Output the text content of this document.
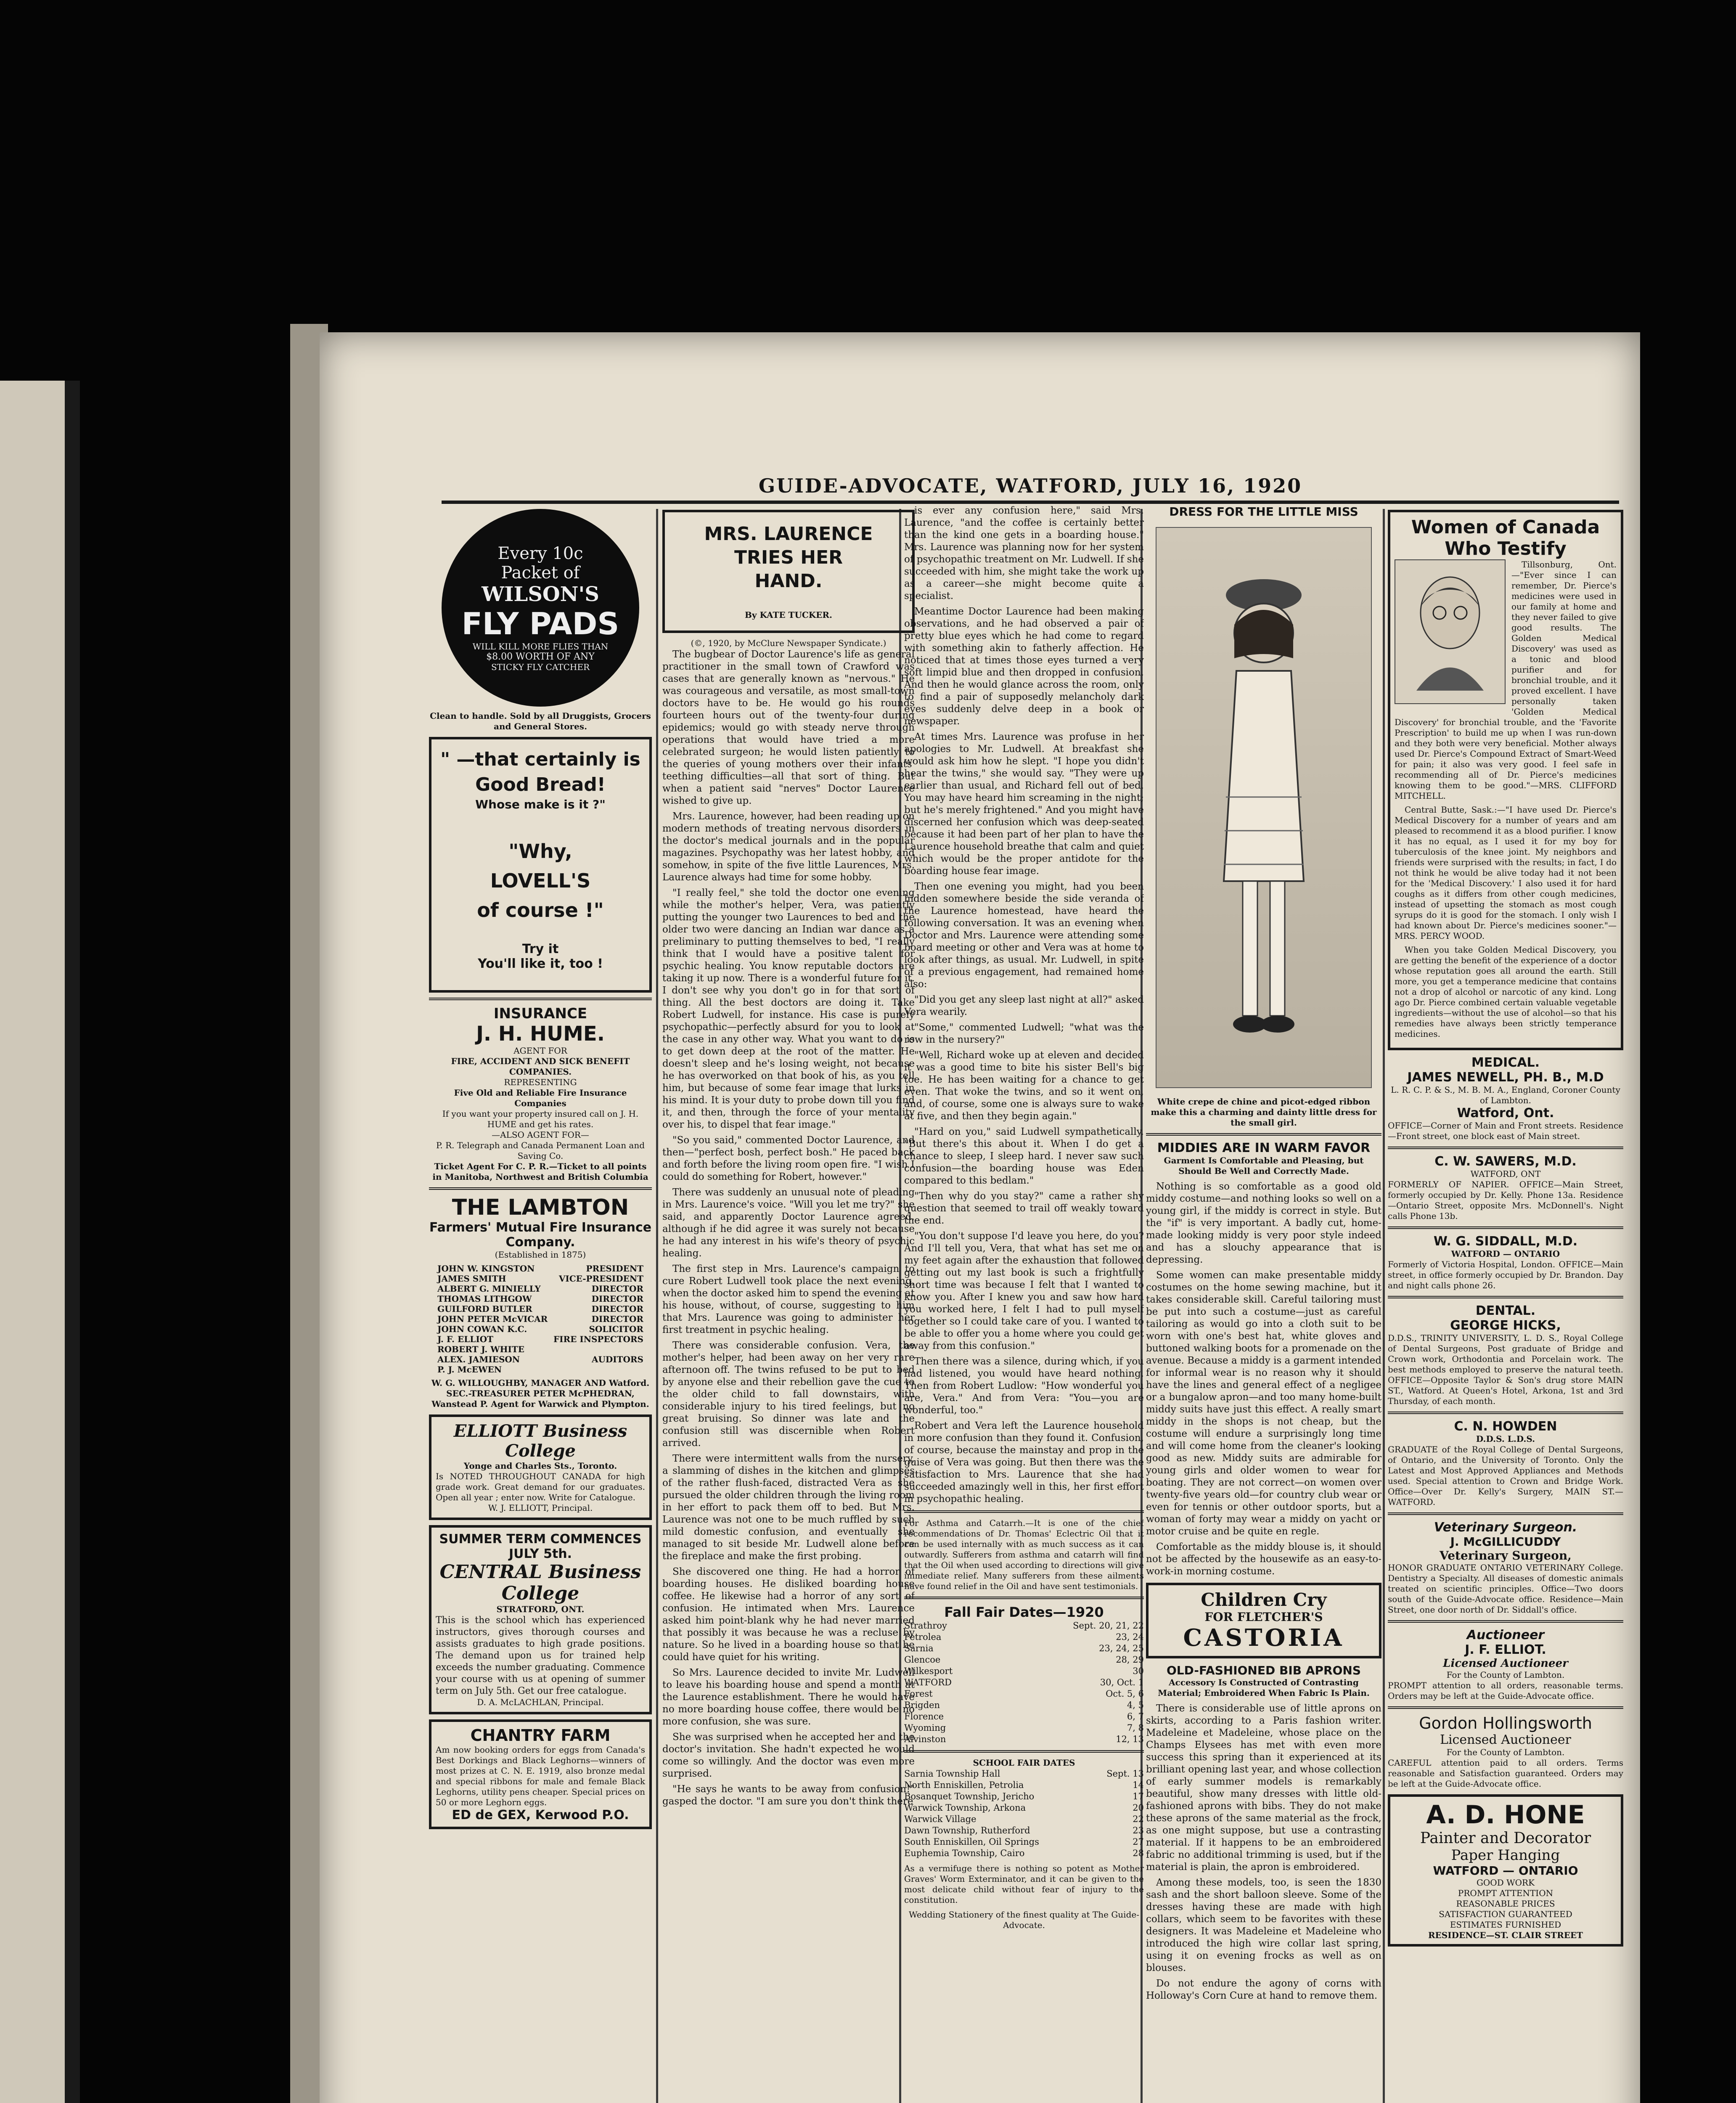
GUIDE-ADVOCATE, WATFORD, JULY 16, 1920
Every 10c
Packet of
WILSON'S
FLY PADS
WILL KILL MORE FLIES THAN
$8.00 WORTH OF ANY
STICKY FLY CATCHER
Clean to handle. Sold by all Druggists, Grocers and General Stores.
" —that certainly is Good Bread!
Whose make is it ?"
"Why,
LOVELL'S
of course !"
Try it
You'll like it, too !
INSURANCE
J. H. HUME.
AGENT FOR
FIRE, ACCIDENT AND SICK BENEFIT COMPANIES.
REPRESENTING
Five Old and Reliable Fire Insurance Companies
If you want your property insured call on J. H. HUME and get his rates.
—ALSO AGENT FOR—
P. R. Telegraph and Canada Permanent Loan and Saving Co.
Ticket Agent For C. P. R.—Ticket to all points in Manitoba, Northwest and British Columbia
THE LAMBTON
Farmers' Mutual Fire Insurance Company.
(Established in 1875)
JOHN W. KINGSTON	PRESIDENT
JAMES SMITH	VICE-PRESIDENT
ALBERT G. MINIELLY	DIRECTOR
THOMAS LITHGOW	DIRECTOR
GUILFORD BUTLER	DIRECTOR
JOHN PETER McVICAR	DIRECTOR
JOHN COWAN K.C.	SOLICITOR
J. F. ELLIOT	FIRE INSPECTORS
ROBERT J. WHITE
ALEX. JAMIESON	AUDITORS
P. J. McEWEN
W. G. WILLOUGHBY, MANAGER AND Watford. SEC.-TREASURER PETER McPHEDRAN, Wanstead P. Agent for Warwick and Plympton.
ELLIOTT Business College
Yonge and Charles Sts., Toronto.
Is NOTED THROUGHOUT CANADA for high grade work. Great demand for our graduates. Open all year ; enter now. Write for Catalogue.
W. J. ELLIOTT, Principal.
SUMMER TERM COMMENCES
JULY 5th.
CENTRAL Business College
STRATFORD, ONT.
This is the school which has experienced instructors, gives thorough courses and assists graduates to high grade positions. The demand upon us for trained help exceeds the number graduating. Commence your course with us at opening of summer term on July 5th. Get our free catalogue.
D. A. McLACHLAN, Principal.
CHANTRY FARM
Am now booking orders for eggs from Canada's Best Dorkings and Black Leghorns—winners of most prizes at C. N. E. 1919, also bronze medal and special ribbons for male and female Black Leghorns, utility pens cheaper. Special prices on 50 or more Leghorn eggs.
ED de GEX, Kerwood P.O.
MRS. LAURENCE
TRIES HER
HAND.
By KATE TUCKER.
(©, 1920, by McClure Newspaper Syndicate.)

The bugbear of Doctor Laurence's life as general practitioner in the small town of Crawford was cases that are generally known as "nervous." He was courageous and versatile, as most small-town doctors have to be. He would go his rounds fourteen hours out of the twenty-four during epidemics; would go with steady nerve through operations that would have tried a more celebrated surgeon; he would listen patiently to the queries of young mothers over their infants' teething difficulties—all that sort of thing. But when a patient said "nerves" Doctor Laurence wished to give up.

Mrs. Laurence, however, had been reading up on modern methods of treating nervous disorders in the doctor's medical journals and in the popular magazines. Psychopathy was her latest hobby, and somehow, in spite of the five little Laurences, Mrs. Laurence always had time for some hobby.

"I really feel," she told the doctor one evening while the mother's helper, Vera, was patiently putting the younger two Laurences to bed and the older two were dancing an Indian war dance as a preliminary to putting themselves to bed, "I really think that I would have a positive talent for psychic healing. You know reputable doctors are taking it up now. There is a wonderful future for it. I don't see why you don't go in for that sort of thing. All the best doctors are doing it. Take Robert Ludwell, for instance. His case is purely psychopathic—perfectly absurd for you to look at the case in any other way. What you want to do is to get down deep at the root of the matter. He doesn't sleep and he's losing weight, not because he has overworked on that book of his, as you tell him, but because of some fear image that lurks in his mind. It is your duty to probe down till you find it, and then, through the force of your mentality over his, to dispel that fear image."

"So you said," commented Doctor Laurence, and then—"perfect bosh, perfect bosh." He paced back and forth before the living room open fire. "I wish I could do something for Robert, however."

There was suddenly an unusual note of pleading in Mrs. Laurence's voice. "Will you let me try?" she said, and apparently Doctor Laurence agreed, although if he did agree it was surely not because he had any interest in his wife's theory of psychic healing.

The first step in Mrs. Laurence's campaign to cure Robert Ludwell took place the next evening, when the doctor asked him to spend the evening at his house, without, of course, suggesting to him that Mrs. Laurence was going to administer her first treatment in psychic healing.

There was considerable confusion. Vera, the mother's helper, had been away on her very rare afternoon off. The twins refused to be put to bed by anyone else and their rebellion gave the cue to the older child to fall downstairs, with considerable injury to his tired feelings, but no great bruising. So dinner was late and the confusion still was discernible when Robert arrived.

There were intermittent walls from the nursery, a slamming of dishes in the kitchen and glimpses of the rather flush-faced, distracted Vera as she pursued the older children through the living room in her effort to pack them off to bed. But Mrs. Laurence was not one to be much ruffled by such mild domestic confusion, and eventually she managed to sit beside Mr. Ludwell alone before the fireplace and make the first probing.

She discovered one thing. He had a horror of boarding houses. He disliked boarding house coffee. He likewise had a horror of any sort of confusion. He intimated when Mrs. Laurence asked him point-blank why he had never married that possibly it was because he was a recluse by nature. So he lived in a boarding house so that he could have quiet for his writing.

So Mrs. Laurence decided to invite Mr. Ludwell to leave his boarding house and spend a month at the Laurence establishment. There he would have no more boarding house coffee, there would be no more confusion, she was sure.

She was surprised when he accepted her and the doctor's invitation. She hadn't expected he would come so willingly. And the doctor was even more surprised.

"He says he wants to be away from confusion!" gasped the doctor. "I am sure you don't think there

is ever any confusion here," said Mrs. Laurence, "and the coffee is certainly better than the kind one gets in a boarding house." Mrs. Laurence was planning now for her system of psychopathic treatment on Mr. Ludwell. If she succeeded with him, she might take the work up as a career—she might become quite a specialist.

Meantime Doctor Laurence had been making observations, and he had observed a pair of pretty blue eyes which he had come to regard with something akin to fatherly affection. He noticed that at times those eyes turned a very soft limpid blue and then dropped in confusion. And then he would glance across the room, only to find a pair of supposedly melancholy dark eyes suddenly delve deep in a book or newspaper.

At times Mrs. Laurence was profuse in her apologies to Mr. Ludwell. At breakfast she would ask him how he slept. "I hope you didn't hear the twins," she would say. "They were up earlier than usual, and Richard fell out of bed. You may have heard him screaming in the night; but he's merely frightened." And you might have discerned her confusion which was deep-seated because it had been part of her plan to have the Laurence household breathe that calm and quiet which would be the proper antidote for the boarding house fear image.

Then one evening you might, had you been hidden somewhere beside the side veranda of the Laurence homestead, have heard the following conversation. It was an evening when Doctor and Mrs. Laurence were attending some board meeting or other and Vera was at home to look after things, as usual. Mr. Ludwell, in spite of a previous engagement, had remained home also:

"Did you get any sleep last night at all?" asked Vera wearily.

"Some," commented Ludwell; "what was the row in the nursery?"

"Well, Richard woke up at eleven and decided it was a good time to bite his sister Bell's big toe. He has been waiting for a chance to get even. That woke the twins, and so it went on, and, of course, some one is always sure to wake at five, and then they begin again."

"Hard on you," said Ludwell sympathetically. "But there's this about it. When I do get a chance to sleep, I sleep hard. I never saw such confusion—the boarding house was Eden compared to this bedlam."

"Then why do you stay?" came a rather shy question that seemed to trail off weakly toward the end.

"You don't suppose I'd leave you here, do you? And I'll tell you, Vera, that what has set me on my feet again after the exhaustion that followed getting out my last book is such a frightfully short time was because I felt that I wanted to know you. After I knew you and saw how hard you worked here, I felt I had to pull myself together so I could take care of you. I wanted to be able to offer you a home where you could get away from this confusion."

Then there was a silence, during which, if you had listened, you would have heard nothing. Then from Robert Ludlow: "How wonderful you are, Vera." And from Vera: "You—you are wonderful, too."

Robert and Vera left the Laurence household in more confusion than they found it. Confusion, of course, because the mainstay and prop in the guise of Vera was going. But then there was the satisfaction to Mrs. Laurence that she had succeeded amazingly well in this, her first effort in psychopathic healing.

For Asthma and Catarrh.—It is one of the chief recommendations of Dr. Thomas' Eclectric Oil that it can be used internally with as much success as it can outwardly. Sufferers from asthma and catarrh will find that the Oil when used according to directions will give immediate relief. Many sufferers from these ailments have found relief in the Oil and have sent testimonials.
Fall Fair Dates—1920
Strathroy	Sept. 20, 21, 22
Petrolea	23, 24
Sarnia	23, 24, 25
Glencoe	28, 29
Wilkesport	30
WATFORD	30, Oct. 1
Forest	Oct. 5, 6
Brigden	4, 5
Florence	6, 7
Wyoming	7, 8
Alvinston	12, 13
SCHOOL FAIR DATES
Sarnia Township Hall	Sept. 13
North Enniskillen, Petrolia	14
Bosanquet Township, Jericho	17
Warwick Township, Arkona	20
Warwick Village	22
Dawn Township, Rutherford	23
South Enniskillen, Oil Springs	27
Euphemia Township, Cairo	28
As a vermifuge there is nothing so potent as Mother Graves' Worm Exterminator, and it can be given to the most delicate child without fear of injury to the constitution.
Wedding Stationery of the finest quality at The Guide-Advocate.
DRESS FOR THE LITTLE MISS
White crepe de chine and picot-edged ribbon make this a charming and dainty little dress for the small girl.
MIDDIES ARE IN WARM FAVOR
Garment Is Comfortable and Pleasing, but Should Be Well and Correctly Made.

Nothing is so comfortable as a good old middy costume—and nothing looks so well on a young girl, if the middy is correct in style. But the "if" is very important. A badly cut, home-made looking middy is very poor style indeed and has a slouchy appearance that is depressing.

Some women can make presentable middy costumes on the home sewing machine, but it takes considerable skill. Careful tailoring must be put into such a costume—just as careful tailoring as would go into a cloth suit to be worn with one's best hat, white gloves and buttoned walking boots for a promenade on the avenue. Because a middy is a garment intended for informal wear is no reason why it should have the lines and general effect of a negligee or a bungalow apron—and too many home-built middy suits have just this effect. A really smart middy in the shops is not cheap, but the costume will endure a surprisingly long time and will come home from the cleaner's looking good as new. Middy suits are admirable for young girls and older women to wear for boating. They are not correct—on women over twenty-five years old—for country club wear or even for tennis or other outdoor sports, but a woman of forty may wear a middy on yacht or motor cruise and be quite en regle.

Comfortable as the middy blouse is, it should not be affected by the housewife as an easy-to-work-in morning costume.

Children Cry
FOR FLETCHER'S
CASTORIA
OLD-FASHIONED BIB APRONS
Accessory Is Constructed of Contrasting Material; Embroidered When Fabric Is Plain.

There is considerable use of little aprons on skirts, according to a Paris fashion writer. Madeleine et Madeleine, whose place on the Champs Elysees has met with even more success this spring than it experienced at its brilliant opening last year, and whose collection of early summer models is remarkably beautiful, show many dresses with little old-fashioned aprons with bibs. They do not make these aprons of the same material as the frock, as one might suppose, but use a contrasting material. If it happens to be an embroidered fabric no additional trimming is used, but if the material is plain, the apron is embroidered.

Among these models, too, is seen the 1830 sash and the short balloon sleeve. Some of the dresses having these are made with high collars, which seem to be favorites with these designers. It was Madeleine et Madeleine who introduced the high wire collar last spring, using it on evening frocks as well as on blouses.

Do not endure the agony of corns with Holloway's Corn Cure at hand to remove them.

Women of Canada
Who Testify

Tillsonburg, Ont.—"Ever since I can remember, Dr. Pierce's medicines were used in our family at home and they never failed to give good results. The Golden Medical Discovery' was used as a tonic and blood purifier and for bronchial trouble, and it proved excellent. I have personally taken 'Golden Medical Discovery' for bronchial trouble, and the 'Favorite Prescription' to build me up when I was run-down and they both were very beneficial. Mother always used Dr. Pierce's Compound Extract of Smart-Weed for pain; it also was very good. I feel safe in recommending all of Dr. Pierce's medicines knowing them to be good."—MRS. CLIFFORD MITCHELL.

Central Butte, Sask.:—"I have used Dr. Pierce's Medical Discovery for a number of years and am pleased to recommend it as a blood purifier. I know it has no equal, as I used it for my boy for tuberculosis of the knee joint. My neighbors and friends were surprised with the results; in fact, I do not think he would be alive today had it not been for the 'Medical Discovery.' I also used it for hard coughs as it differs from other cough medicines, instead of upsetting the stomach as most cough syrups do it is good for the stomach. I only wish I had known about Dr. Pierce's medicines sooner."—MRS. PERCY WOOD.

When you take Golden Medical Discovery, you are getting the benefit of the experience of a doctor whose reputation goes all around the earth. Still more, you get a temperance medicine that contains not a drop of alcohol or narcotic of any kind. Long ago Dr. Pierce combined certain valuable vegetable ingredients—without the use of alcohol—so that his remedies have always been strictly temperance medicines.

MEDICAL.
JAMES NEWELL, PH. B., M.D
L. R. C. P. & S., M. B. M. A., England, Coroner County of Lambton.
Watford, Ont.
OFFICE—Corner of Main and Front streets. Residence—Front street, one block east of Main street.
C. W. SAWERS, M.D.
WATFORD, ONT
FORMERLY OF NAPIER. OFFICE—Main Street, formerly occupied by Dr. Kelly. Phone 13a. Residence—Ontario Street, opposite Mrs. McDonnell's. Night calls Phone 13b.
W. G. SIDDALL, M.D.
WATFORD — ONTARIO
Formerly of Victoria Hospital, London. OFFICE—Main street, in office formerly occupied by Dr. Brandon. Day and night calls phone 26.
DENTAL.
GEORGE HICKS,
D.D.S., TRINITY UNIVERSITY, L. D. S., Royal College of Dental Surgeons, Post graduate of Bridge and Crown work, Orthodontia and Porcelain work. The best methods employed to preserve the natural teeth. OFFICE—Opposite Taylor & Son's drug store MAIN ST., Watford. At Queen's Hotel, Arkona, 1st and 3rd Thursday, of each month.
C. N. HOWDEN
D.D.S. L.D.S.
GRADUATE of the Royal College of Dental Surgeons, of Ontario, and the University of Toronto. Only the Latest and Most Approved Appliances and Methods used. Special attention to Crown and Bridge Work. Office—Over Dr. Kelly's Surgery, MAIN ST.—WATFORD.
Veterinary Surgeon.
J. McGILLICUDDY
Veterinary Surgeon,
HONOR GRADUATE ONTARIO VETERINARY College. Dentistry a Specialty. All diseases of domestic animals treated on scientific principles. Office—Two doors south of the Guide-Advocate office. Residence—Main Street, one door north of Dr. Siddall's office.
Auctioneer
J. F. ELLIOT.
Licensed Auctioneer
For the County of Lambton.
PROMPT attention to all orders, reasonable terms. Orders may be left at the Guide-Advocate office.
Gordon Hollingsworth
Licensed Auctioneer
For the County of Lambton.
CAREFUL attention paid to all orders. Terms reasonable and Satisfaction guaranteed. Orders may be left at the Guide-Advocate office.
A. D. HONE
Painter and Decorator
Paper Hanging
WATFORD — ONTARIO
GOOD WORK
PROMPT ATTENTION
REASONABLE PRICES
SATISFACTION GUARANTEED
ESTIMATES FURNISHED
RESIDENCE—ST. CLAIR STREET
